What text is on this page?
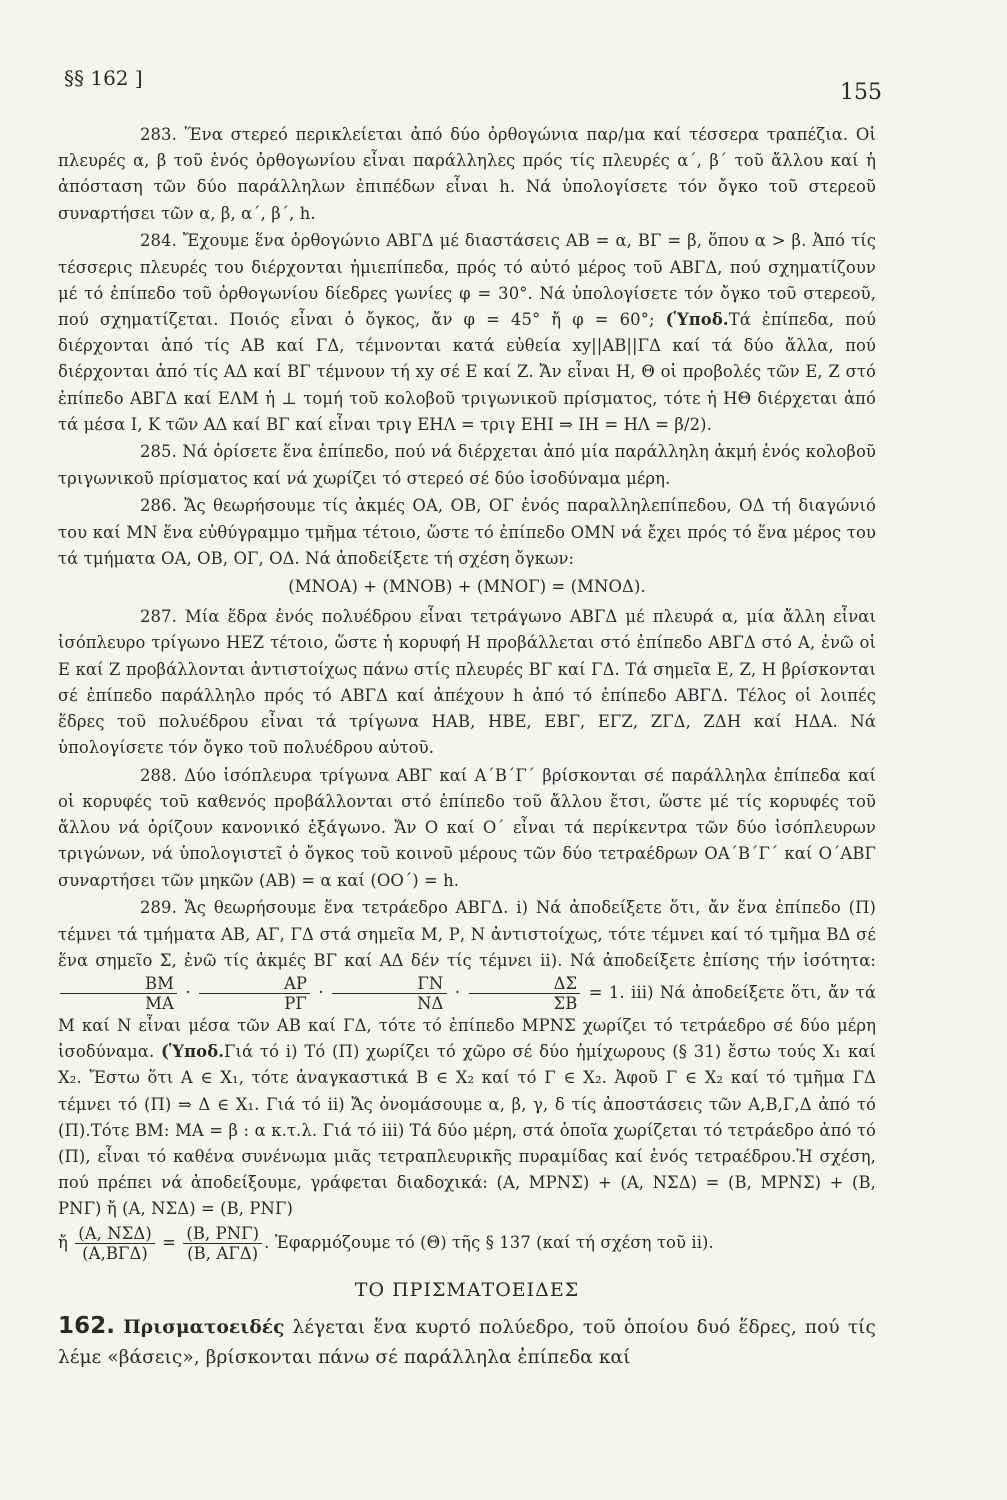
§§ 162 ]
155

283. Ἕνα στερεό περικλείεται ἀπό δύο ὀρθογώνια παρ/μα καί τέσσερα τραπέζια. Οἱ πλευρές α, β τοῦ ἑνός ὀρθογωνίου εἶναι παράλληλες πρός τίς πλευρές α΄, β΄ τοῦ ἄλλου καί ἡ ἀπόσταση τῶν δύο παράλληλων ἐπιπέδων εἶναι h. Νά ὑπολογίσετε τόν ὄγκο τοῦ στερεοῦ συναρτήσει τῶν α, β, α΄, β΄, h.

284. Ἔχουμε ἕνα ὀρθογώνιο ΑΒΓΔ μέ διαστάσεις ΑΒ = α, ΒΓ = β, ὅπου α > β. Ἀπό τίς τέσσερις πλευρές του διέρχονται ἡμιεπίπεδα, πρός τό αὐτό μέρος τοῦ ΑΒΓΔ, πού σχηματίζουν μέ τό ἐπίπεδο τοῦ ὀρθογωνίου δίεδρες γωνίες φ = 30°. Νά ὑπολογίσετε τόν ὄγκο τοῦ στερεοῦ, πού σχηματίζεται. Ποιός εἶναι ὁ ὄγκος, ἄν φ = 45° ἤ φ = 60°; (Ὑποδ.Τά ἐπίπεδα, πού διέρχονται ἀπό τίς ΑΒ καί ΓΔ, τέμνονται κατά εὐθεία xy||ΑΒ||ΓΔ καί τά δύο ἄλλα, πού διέρχονται ἀπό τίς ΑΔ καί ΒΓ τέμνουν τή xy σέ Ε καί Ζ. Ἄν εἶναι Η, Θ οἱ προβολές τῶν Ε, Ζ στό ἐπίπεδο ΑΒΓΔ καί ΕΛΜ ἡ ⊥ τομή τοῦ κολοβοῦ τριγωνικοῦ πρίσματος, τότε ἡ ΗΘ διέρχεται ἀπό τά μέσα Ι, Κ τῶν ΑΔ καί ΒΓ καί εἶναι τριγ ΕΗΛ = τριγ ΕΗΙ ⇒ ΙΗ = ΗΛ = β/2).

285. Νά ὁρίσετε ἕνα ἐπίπεδο, πού νά διέρχεται ἀπό μία παράλληλη ἀκμή ἑνός κολοβοῦ τριγωνικοῦ πρίσματος καί νά χωρίζει τό στερεό σέ δύο ἰσοδύναμα μέρη.

286. Ἄς θεωρήσουμε τίς ἀκμές ΟΑ, ΟΒ, ΟΓ ἑνός παραλληλεπίπεδου, ΟΔ τή διαγώνιό του καί ΜΝ ἕνα εὐθύγραμμο τμῆμα τέτοιο, ὥστε τό ἐπίπεδο ΟΜΝ νά ἔχει πρός τό ἕνα μέρος του τά τμήματα ΟΑ, ΟΒ, ΟΓ, ΟΔ. Νά ἀποδείξετε τή σχέση ὄγκων:

(ΜΝΟΑ) + (ΜΝΟΒ) + (ΜΝΟΓ) = (ΜΝΟΔ).

287. Μία ἕδρα ἑνός πολυέδρου εἶναι τετράγωνο ΑΒΓΔ μέ πλευρά α, μία ἄλλη εἶναι ἰσόπλευρο τρίγωνο ΗΕΖ τέτοιο, ὥστε ἡ κορυφή Η προβάλλεται στό ἐπίπεδο ΑΒΓΔ στό Α, ἐνῶ οἱ Ε καί Ζ προβάλλονται ἀντιστοίχως πάνω στίς πλευρές ΒΓ καί ΓΔ. Τά σημεῖα Ε, Ζ, Η βρίσκονται σέ ἐπίπεδο παράλληλο πρός τό ΑΒΓΔ καί ἀπέχουν h ἀπό τό ἐπίπεδο ΑΒΓΔ. Τέλος οἱ λοιπές ἕδρες τοῦ πολυέδρου εἶναι τά τρίγωνα ΗΑΒ, ΗΒΕ, ΕΒΓ, ΕΓΖ, ΖΓΔ, ΖΔΗ καί ΗΔΑ. Νά ὑπολογίσετε τόν ὄγκο τοῦ πολυέδρου αὐτοῦ.

288. Δύο ἰσόπλευρα τρίγωνα ΑΒΓ καί Α΄Β΄Γ΄ βρίσκονται σέ παράλληλα ἐπίπεδα καί οἱ κορυφές τοῦ καθενός προβάλλονται στό ἐπίπεδο τοῦ ἄλλου ἔτσι, ὥστε μέ τίς κορυφές τοῦ ἄλλου νά ὁρίζουν κανονικό ἑξάγωνο. Ἄν Ο καί Ο΄ εἶναι τά περίκεντρα τῶν δύο ἰσόπλευρων τριγώνων, νά ὑπολογιστεῖ ὁ ὄγκος τοῦ κοινοῦ μέρους τῶν δύο τετραέδρων ΟΑ΄Β΄Γ΄ καί Ο΄ΑΒΓ συναρτήσει τῶν μηκῶν (ΑΒ) = α καί (ΟΟ΄) = h.

289. Ἄς θεωρήσουμε ἕνα τετράεδρο ΑΒΓΔ. i) Νά ἀποδείξετε ὅτι, ἄν ἕνα ἐπίπεδο (Π) τέμνει τά τμήματα ΑΒ, ΑΓ, ΓΔ στά σημεῖα Μ, Ρ, Ν ἀντιστοίχως, τότε τέμνει καί τό τμῆμα ΒΔ σέ ἕνα σημεῖο Σ, ἐνῶ τίς ἀκμές ΒΓ καί ΑΔ δέν τίς τέμνει ii). Νά ἀποδείξετε ἐπίσης τήν ἰσότητα:
$\frac{BM}{MA} \cdot \frac{AP}{P\Gamma} \cdot \frac{\Gamma N}{N\Delta} \cdot \frac{\Delta\Sigma}{\Sigma B} = 1$. iii) Νά ἀποδείξετε ὅτι, ἄν τά Μ καί Ν εἶναι μέσα τῶν ΑΒ καί ΓΔ, τότε τό ἐπίπεδο ΜΡΝΣ χωρίζει τό τετράεδρο σέ δύο μέρη ἰσοδύναμα. (Ὑποδ.Γιά τό i) Τό (Π) χωρίζει τό χῶρο σέ δύο ἡμίχωρους (§ 31) ἔστω τούς Χ₁ καί Χ₂. Ἔστω ὅτι Α ∈ Χ₁, τότε ἀναγκαστικά Β ∈ Χ₂ καί τό Γ ∈ Χ₂. Ἀφοῦ Γ ∈ Χ₂ καί τό τμῆμα ΓΔ τέμνει τό (Π) ⇒ Δ ∈ Χ₁. Γιά τό ii) Ἄς ὀνομάσουμε α, β, γ, δ τίς ἀποστάσεις τῶν Α,Β,Γ,Δ ἀπό τό (Π).Τότε ΒΜ: ΜΑ = β : α κ.τ.λ. Γιά τό iii) Τά δύο μέρη, στά ὁποῖα χωρίζεται τό τετράεδρο ἀπό τό (Π), εἶναι τό καθένα συνένωμα μιᾶς τετραπλευρικῆς πυραμίδας καί ἑνός τετραέδρου.Ἡ σχέση, πού πρέπει νά ἀποδείξουμε, γράφεται διαδοχικά: (Α, ΜΡΝΣ) + (Α, ΝΣΔ) = (Β, ΜΡΝΣ) + (Β, ΡΝΓ) ἤ (Α, ΝΣΔ) = (Β, ΡΝΓ)

ἤ (Α, ΝΣΔ)
(Α,ΒΓΔ)
= (Β, ΡΝΓ)
(Β, ΑΓΔ)
. Ἐφαρμόζουμε τό (Θ) τῆς § 137 (καί τή σχέση τοῦ ii).

ΤΟ ΠΡΙΣΜΑΤΟΕΙΔΕΣ

162. Πρισματοειδές λέγεται ἕνα κυρτό πολύεδρο, τοῦ ὁποίου δυό ἕδρες, πού τίς λέμε «βάσεις», βρίσκονται πάνω σέ παράλληλα ἐπίπεδα καί
